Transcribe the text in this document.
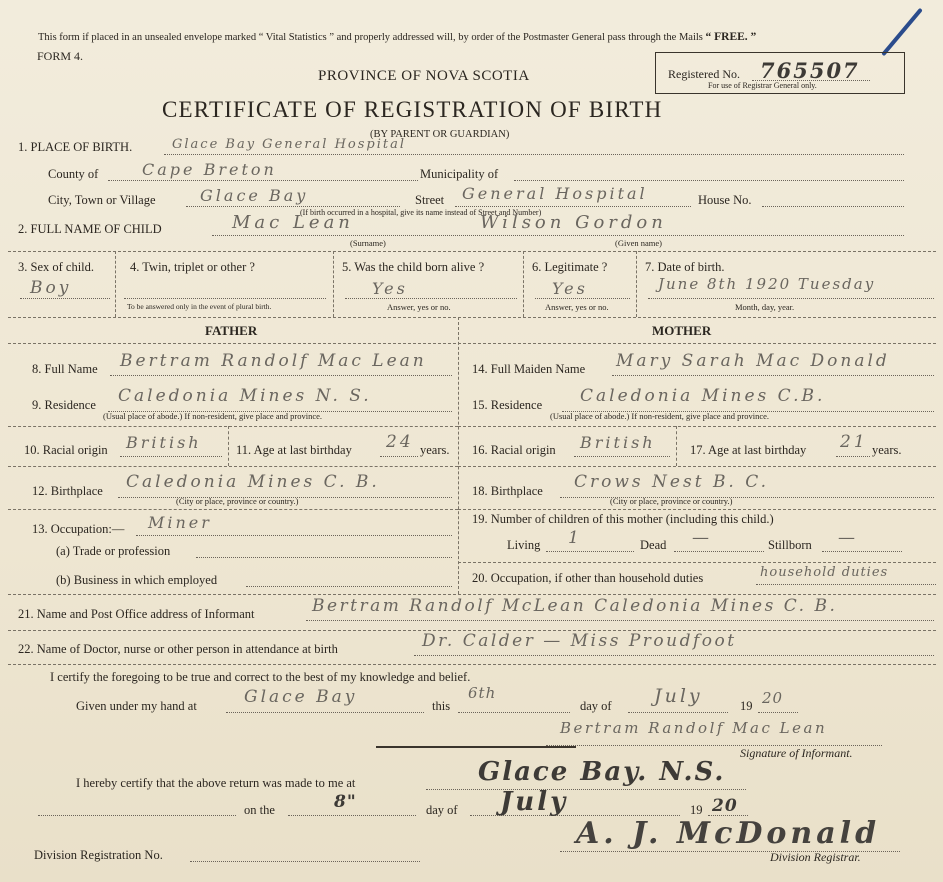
This form if placed in an unsealed envelope marked “ Vital Statistics ” and properly addressed will, by order of the Postmaster General pass through the Mails “ FREE. ”
FORM 4.
PROVINCE OF NOVA SCOTIA	Registered No. 765507
For use of Registrar General only.
CERTIFICATE OF REGISTRATION OF BIRTH
(BY PARENT OR GUARDIAN)
1. PLACE OF BIRTH.	Glace Bay General Hospital
County of	Cape Breton	Municipality of
City, Town or Village	Glace Bay	Street General Hospital	House No.
(If birth occurred in a hospital, give its name instead of Street and Number)
2. FULL NAME OF CHILD	Mac Lean	Wilson Gordon
(Surname)	(Given name)
3. Sex of child.
Boy
4. Twin, triplet or other ?
To be answered only in the event of plural birth.
5. Was the child born alive ?
Yes
Answer, yes or no.
6. Legitimate ?
Yes
Answer, yes or no.
7. Date of birth.
June 8th 1920 Tuesday
Month, day, year.
FATHER	MOTHER
8. Full Name Bertram Randolf Mac Lean
9. Residence Caledonia Mines N. S.
(Usual place of abode.) If non-resident, give place and province.
10. Racial origin British	11. Age at last birthday 24 years.
12. Birthplace Caledonia Mines C. B.
(City or place, province or country.)
13. Occupation:— Miner
(a) Trade or profession
(b) Business in which employed
14. Full Maiden Name Mary Sarah Mac Donald
15. Residence Caledonia Mines C.B.
(Usual place of abode.) If non-resident, give place and province.
16. Racial origin British	17. Age at last birthday 21 years.
18. Birthplace Crows Nest B. C.
(City or place, province or country.)
19. Number of children of this mother (including this child.)
Living 1	Dead —	Stillborn —
20. Occupation, if other than household duties	household duties
21. Name and Post Office address of Informant	Bertram Randolf McLean Caledonia Mines C. B.
22. Name of Doctor, nurse or other person in attendance at birth	Dr. Calder — Miss Proudfoot
I certify the foregoing to be true and correct to the best of my knowledge and belief.
Given under my hand at	Glace Bay	this
6th
day of July	19 20
Bertram Randolf Mac Lean
Signature of Informant.
I hereby certify that the above return was made to me at	Glace Bay. N.S.
on the	8"	day of July	19 20
Division Registration No.
A. J. McDonald
Division Registrar.
